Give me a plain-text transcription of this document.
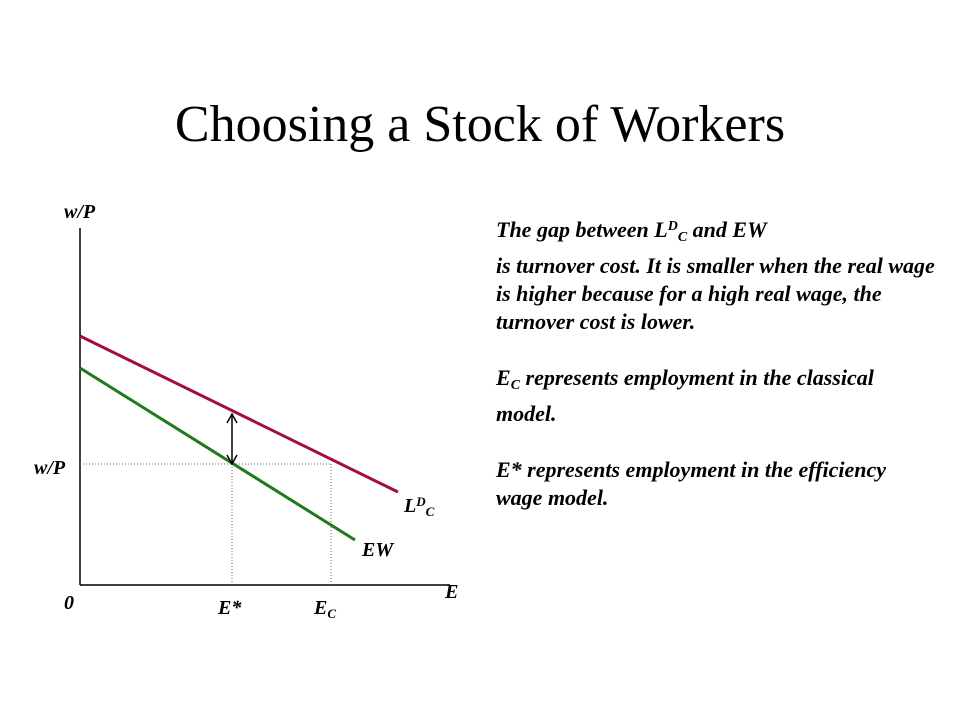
Choosing a Stock of Workers
w/P
w/P
0	E
E*	$E_C$
$L^D_C$
EW

The gap between $L^D_C$ and EW
is turnover cost. It is smaller when the real wage is higher because for a high real wage, the turnover cost is lower.

$E_C$ represents employment in the classical model.

E* represents employment in the efficiency wage model.
